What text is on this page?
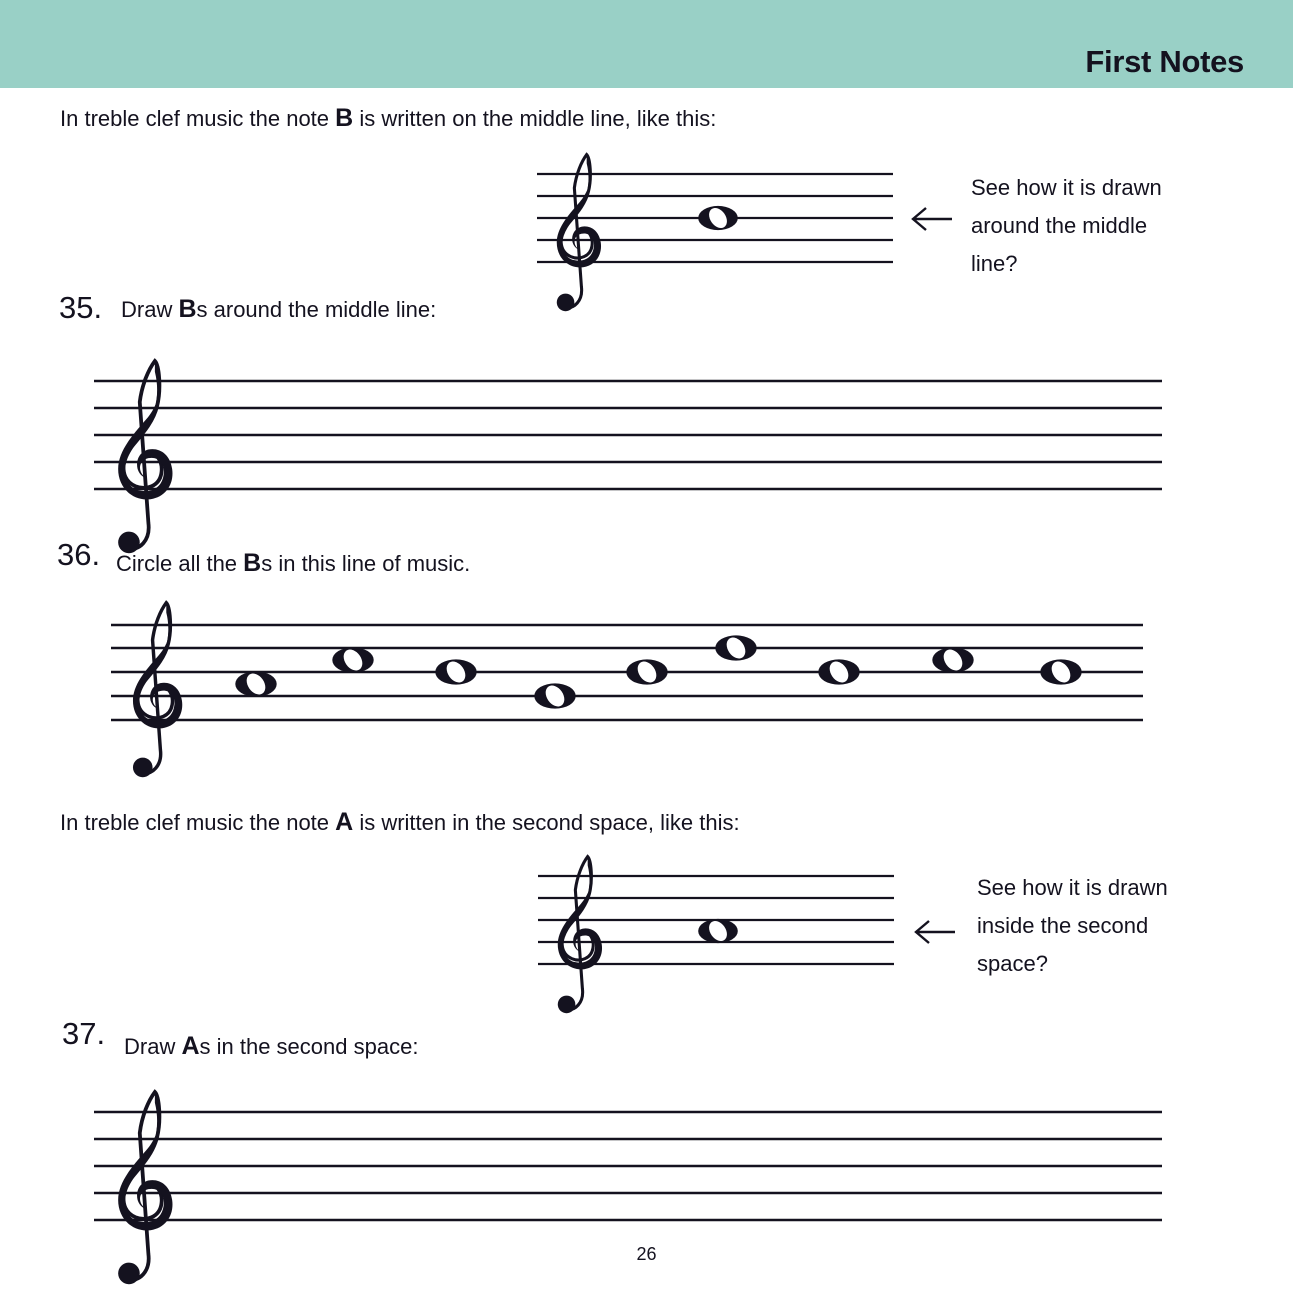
First Notes
In treble clef music the note B is written on the middle line, like this:
See how it is drawn
around the middle
line?
35. Draw Bs around the middle line:
36. Circle all the Bs in this line of music.
In treble clef music the note A is written in the second space, like this:
See how it is drawn
inside the second
space?
37. Draw As in the second space:
26
